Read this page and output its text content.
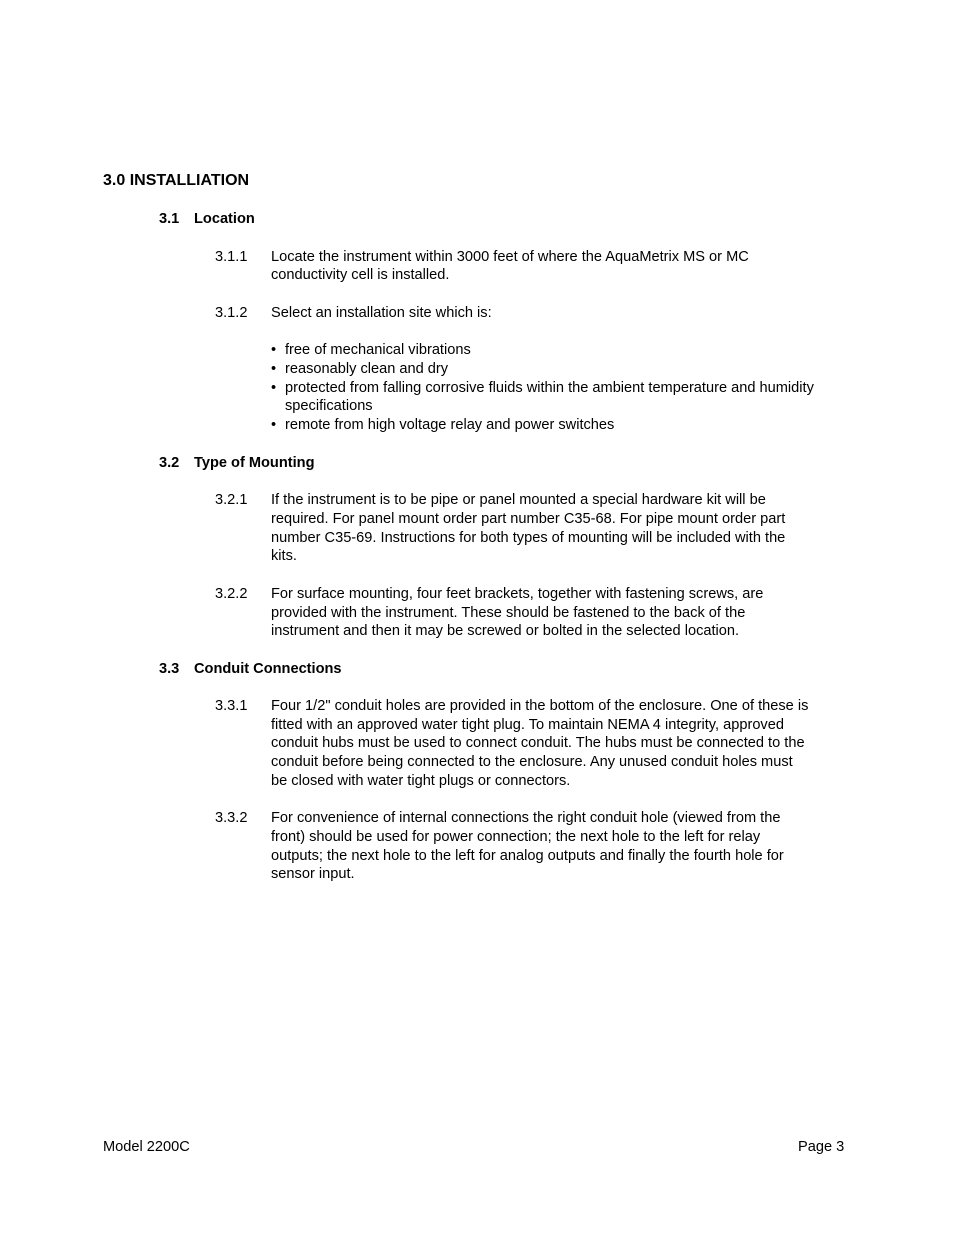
3.0 INSTALLIATION
3.1 Location
3.1.1 Locate the instrument within 3000 feet of where the AquaMetrix MS or MC
conductivity cell is installed.
3.1.2 Select an installation site which is:
• free of mechanical vibrations
• reasonably clean and dry
• protected from falling corrosive fluids within the ambient temperature and humidity
specifications
• remote from high voltage relay and power switches
3.2 Type of Mounting
3.2.1 If the instrument is to be pipe or panel mounted a special hardware kit will be
required. For panel mount order part number C35-68. For pipe mount order part
number C35-69. Instructions for both types of mounting will be included with the
kits.
3.2.2 For surface mounting, four feet brackets, together with fastening screws, are
provided with the instrument. These should be fastened to the back of the
instrument and then it may be screwed or bolted in the selected location.
3.3 Conduit Connections
3.3.1 Four 1/2" conduit holes are provided in the bottom of the enclosure. One of these is
fitted with an approved water tight plug. To maintain NEMA 4 integrity, approved
conduit hubs must be used to connect conduit. The hubs must be connected to the
conduit before being connected to the enclosure. Any unused conduit holes must
be closed with water tight plugs or connectors.
3.3.2 For convenience of internal connections the right conduit hole (viewed from the
front) should be used for power connection; the next hole to the left for relay
outputs; the next hole to the left for analog outputs and finally the fourth hole for
sensor input.
Model 2200C	Page 3
